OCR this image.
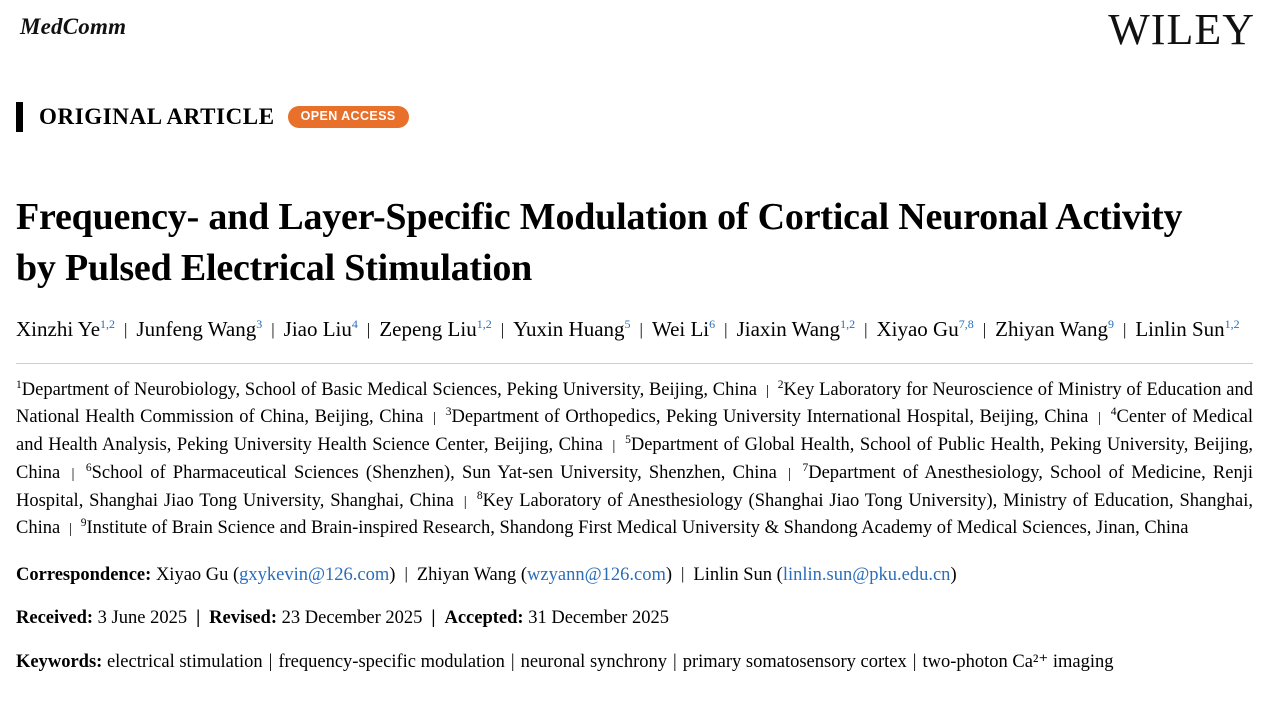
MedComm	WILEY
ORIGINAL ARTICLE	OPEN ACCESS
Frequency- and Layer-Specific Modulation of Cortical Neuronal Activity by Pulsed Electrical Stimulation
Xinzhi Ye$^{1,2}$ | Junfeng Wang$^3$ | Jiao Liu$^4$ | Zepeng Liu$^{1,2}$ | Yuxin Huang$^5$ | Wei Li$^6$ | Jiaxin Wang$^{1,2}$ | Xiyao Gu$^{7,8}$ | Zhiyan Wang$^9$ | Linlin Sun$^{1,2}$
$^1$Department of Neurobiology, School of Basic Medical Sciences, Peking University, Beijing, China | $^2$Key Laboratory for Neuroscience of Ministry of Education and National Health Commission of China, Beijing, China | $^3$Department of Orthopedics, Peking University International Hospital, Beijing, China | $^4$Center of Medical and Health Analysis, Peking University Health Science Center, Beijing, China | $^5$Department of Global Health, School of Public Health, Peking University, Beijing, China | $^6$School of Pharmaceutical Sciences (Shenzhen), Sun Yat-sen University, Shenzhen, China | $^7$Department of Anesthesiology, School of Medicine, Renji Hospital, Shanghai Jiao Tong University, Shanghai, China | $^8$Key Laboratory of Anesthesiology (Shanghai Jiao Tong University), Ministry of Education, Shanghai, China | $^9$Institute of Brain Science and Brain-inspired Research, Shandong First Medical University & Shandong Academy of Medical Sciences, Jinan, China
Correspondence: Xiyao Gu (gxykevin@126.com) | Zhiyan Wang (wzyann@126.com) | Linlin Sun (linlin.sun@pku.edu.cn)
Received: 3 June 2025 | Revised: 23 December 2025 | Accepted: 31 December 2025
Keywords: electrical stimulation | frequency-specific modulation | neuronal synchrony | primary somatosensory cortex | two-photon Ca²⁺ imaging
